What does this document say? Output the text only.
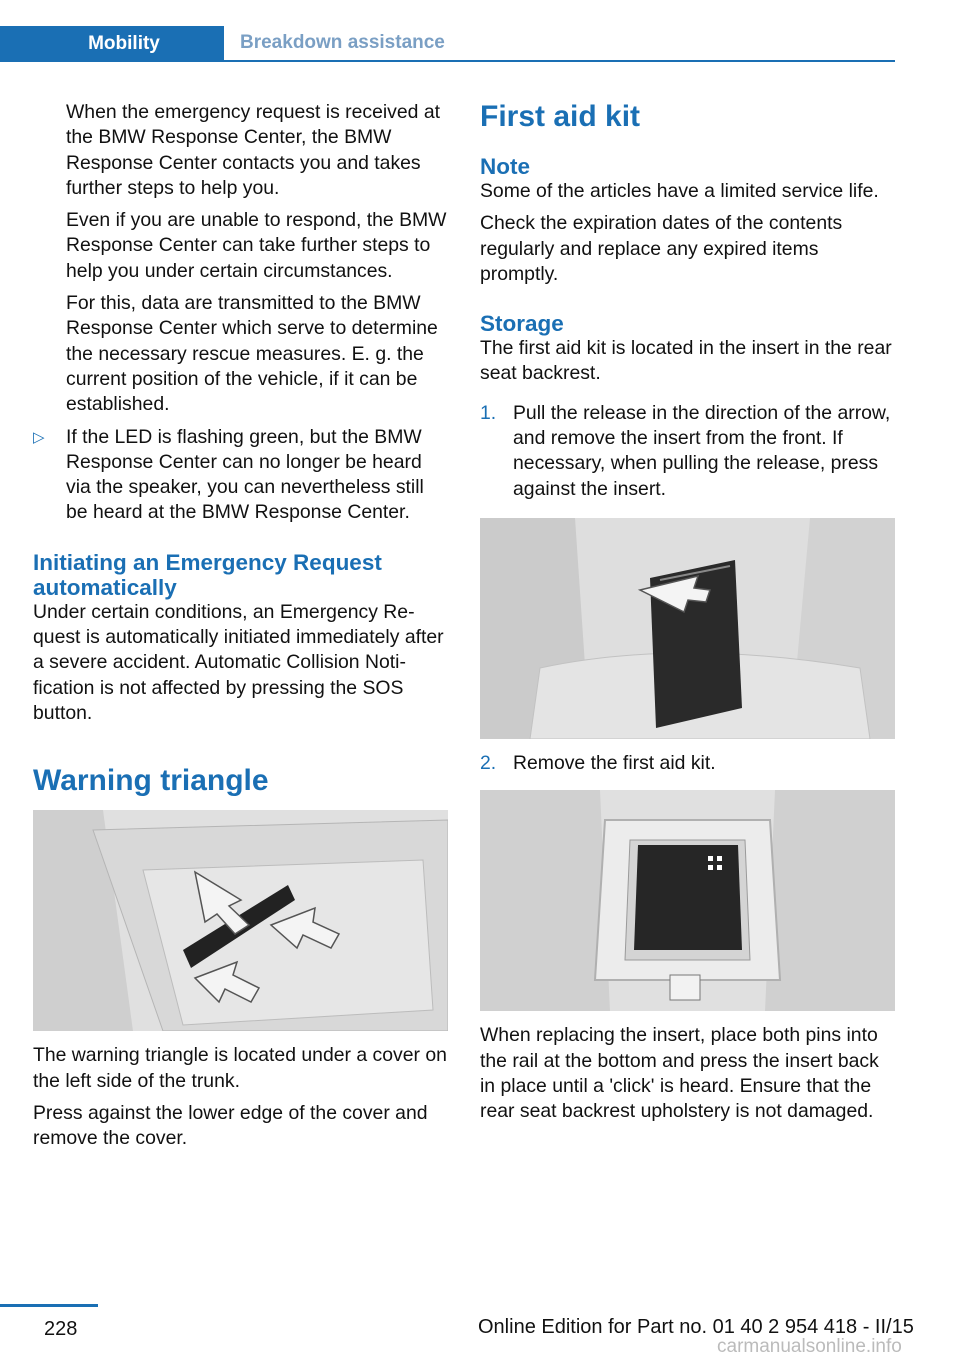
Mobility	Breakdown assistance

When the emergency request is received at the BMW Response Center, the BMW Response Center contacts you and takes further steps to help you.

Even if you are unable to respond, the BMW Response Center can take further steps to help you under certain circumstances.

For this, data are transmitted to the BMW Response Center which serve to determine the necessary rescue measures. E. g. the current position of the vehicle, if it can be established.

▷	If the LED is flashing green, but the BMW Response Center can no longer be heard via the speaker, you can nevertheless still be heard at the BMW Response Center.

Initiating an Emergency Request automatically

Under certain conditions, an Emergency Request is automatically initiated immediately after a severe accident. Automatic Collision Notification is not affected by pressing the SOS button.

Warning triangle

The warning triangle is located under a cover on the left side of the trunk.

Press against the lower edge of the cover and remove the cover.

First aid kit
Note

Some of the articles have a limited service life.

Check the expiration dates of the contents regularly and replace any expired items promptly.

Storage

The first aid kit is located in the insert in the rear seat backrest.

1. Pull the release in the direction of the arrow, and remove the insert from the front. If necessary, when pulling the release, press against the insert.

2. Remove the first aid kit.

When replacing the insert, place both pins into the rail at the bottom and press the insert back in place until a 'click' is heard. Ensure that the rear seat backrest upholstery is not damaged.

228	Online Edition for Part no. 01 40 2 954 418 - II/15
carmanualsonline.info
